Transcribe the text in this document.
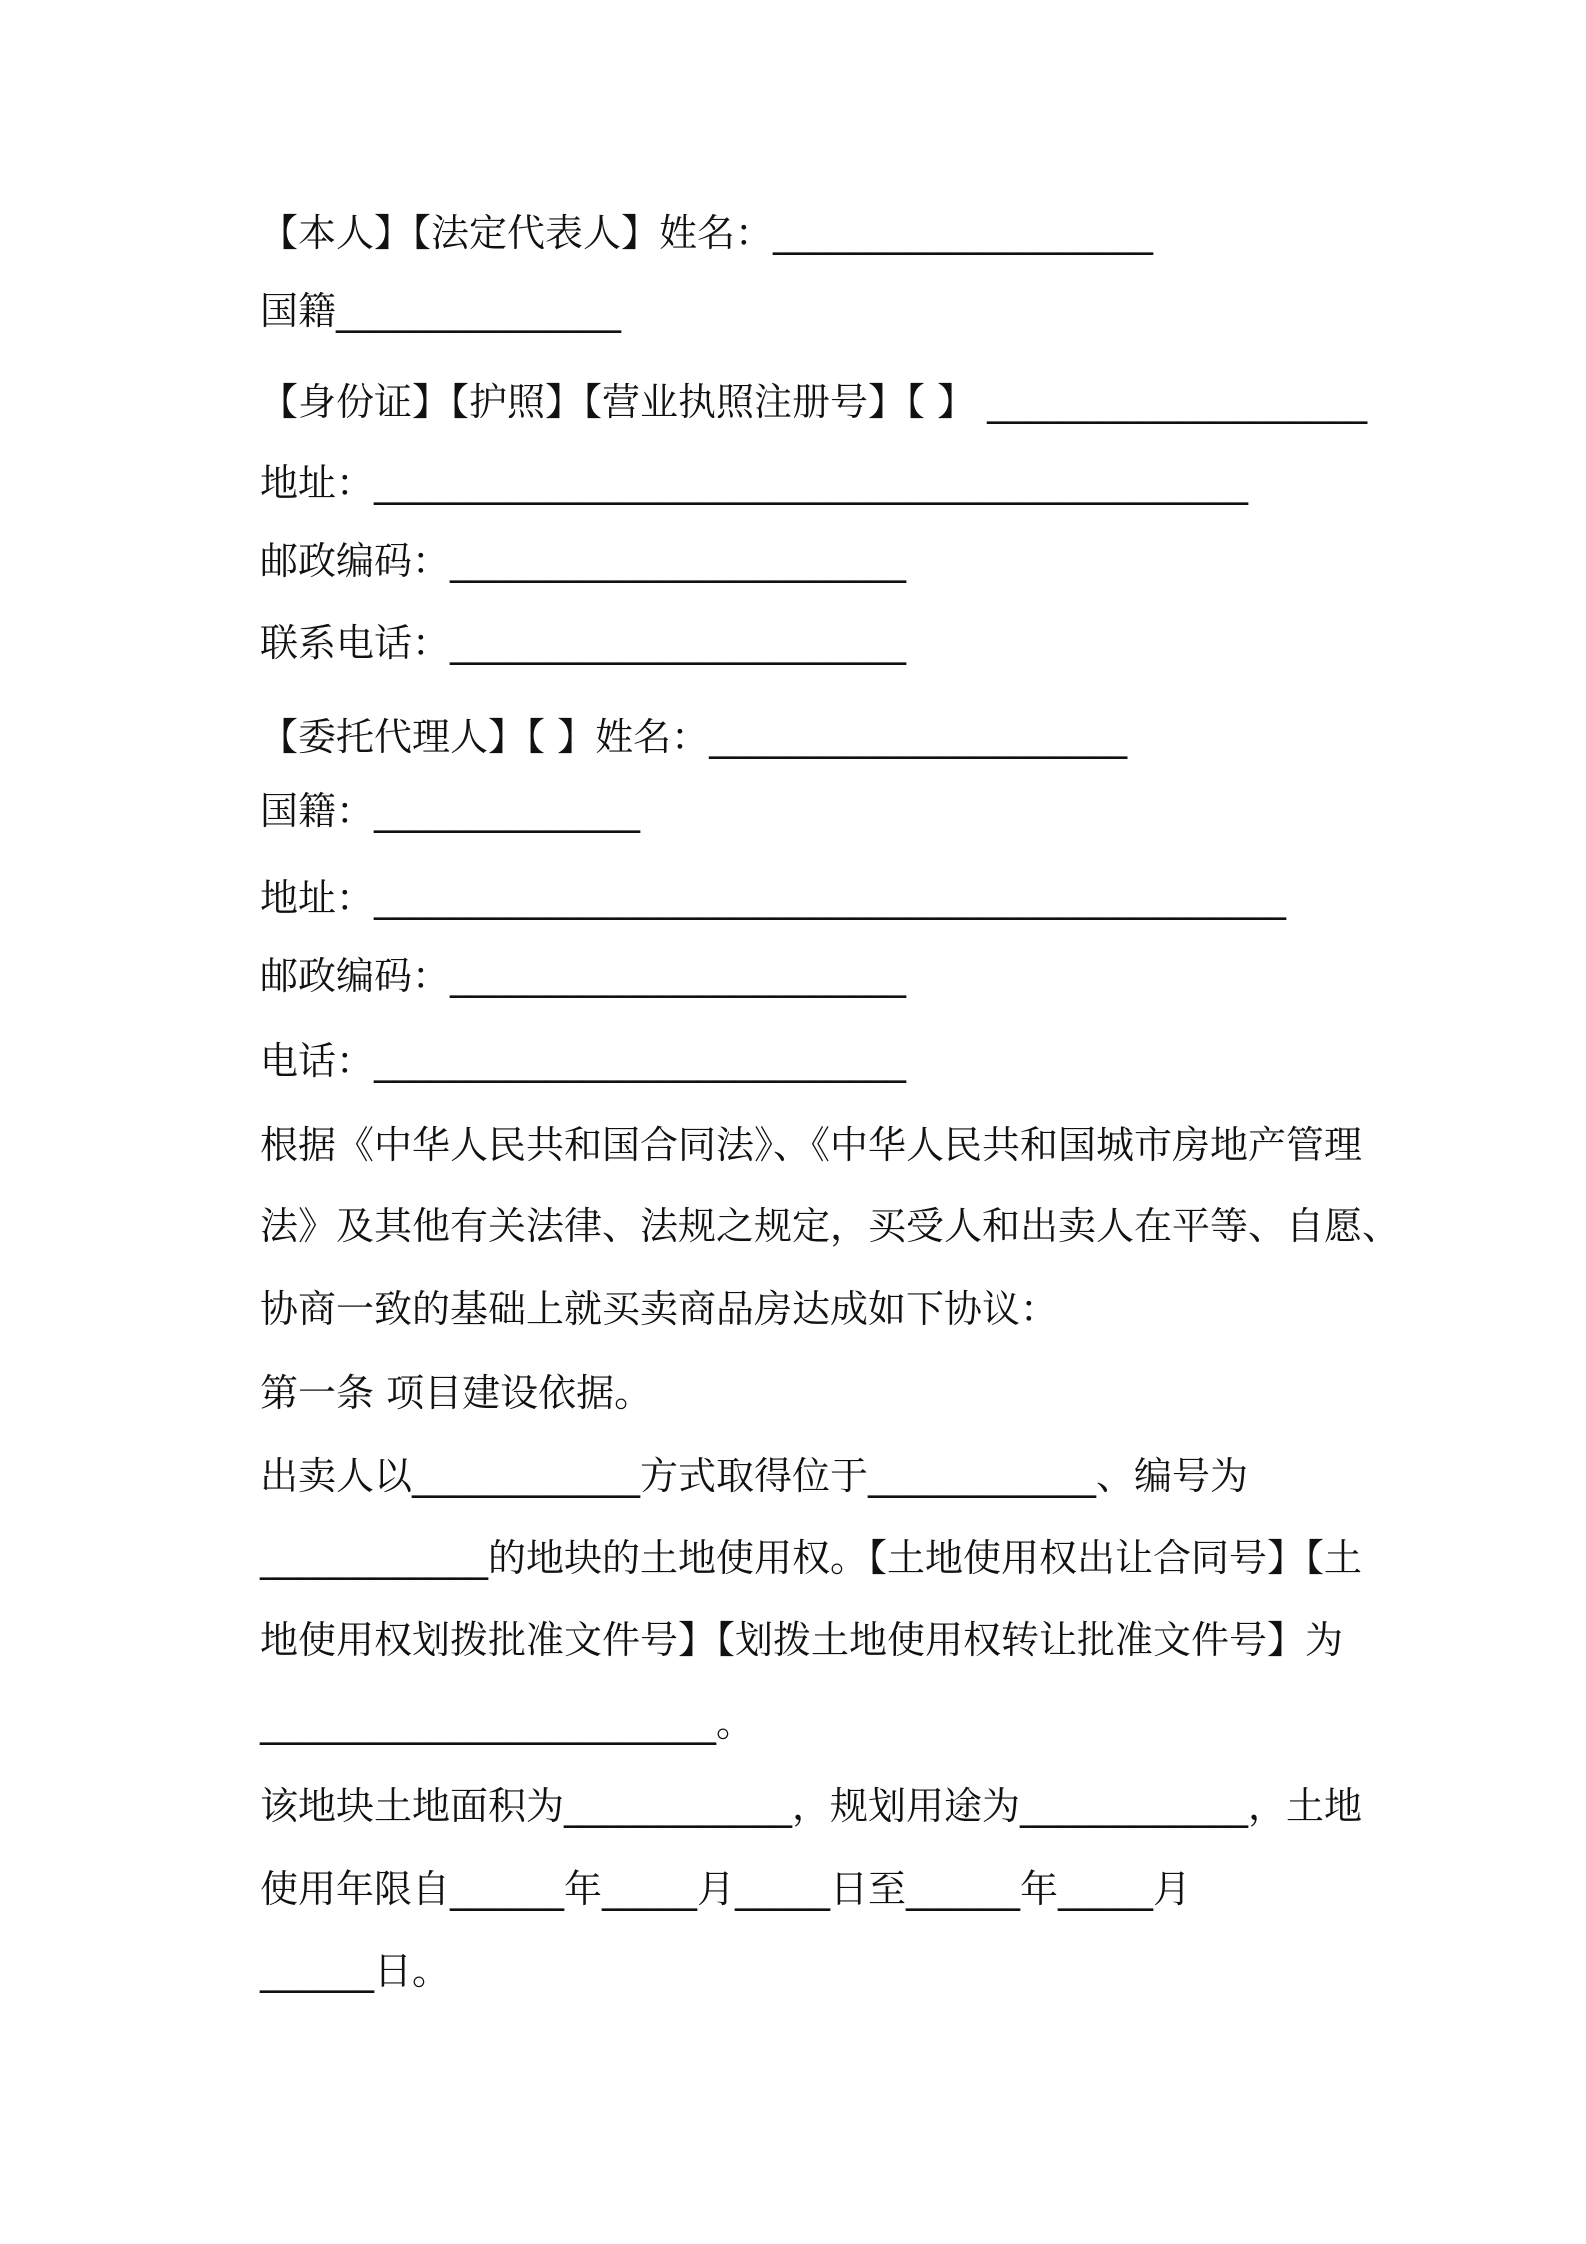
【本人】【法定代表人】姓名：____________________
国籍_______________
【身份证】【护照】【营业执照注册号】【 】 ____________________
地址：______________________________________________
邮政编码：________________________
联系电话：________________________
【委托代理人】【 】姓名：______________________
国籍：______________
地址：________________________________________________
邮政编码：________________________
电话：____________________________
根据《中华人民共和国合同法》、《中华人民共和国城市房地产管理
法》及其他有关法律、法规之规定，买受人和出卖人在平等、自愿、
协商一致的基础上就买卖商品房达成如下协议：
第一条 项目建设依据。
出卖人以____________方式取得位于____________、编号为
____________的地块的土地使用权。【土地使用权出让合同号】【土
地使用权划拨批准文件号】【划拨土地使用权转让批准文件号】为
________________________。
该地块土地面积为____________，规划用途为____________，土地
使用年限自______年_____月_____日至______年_____月
______日。
